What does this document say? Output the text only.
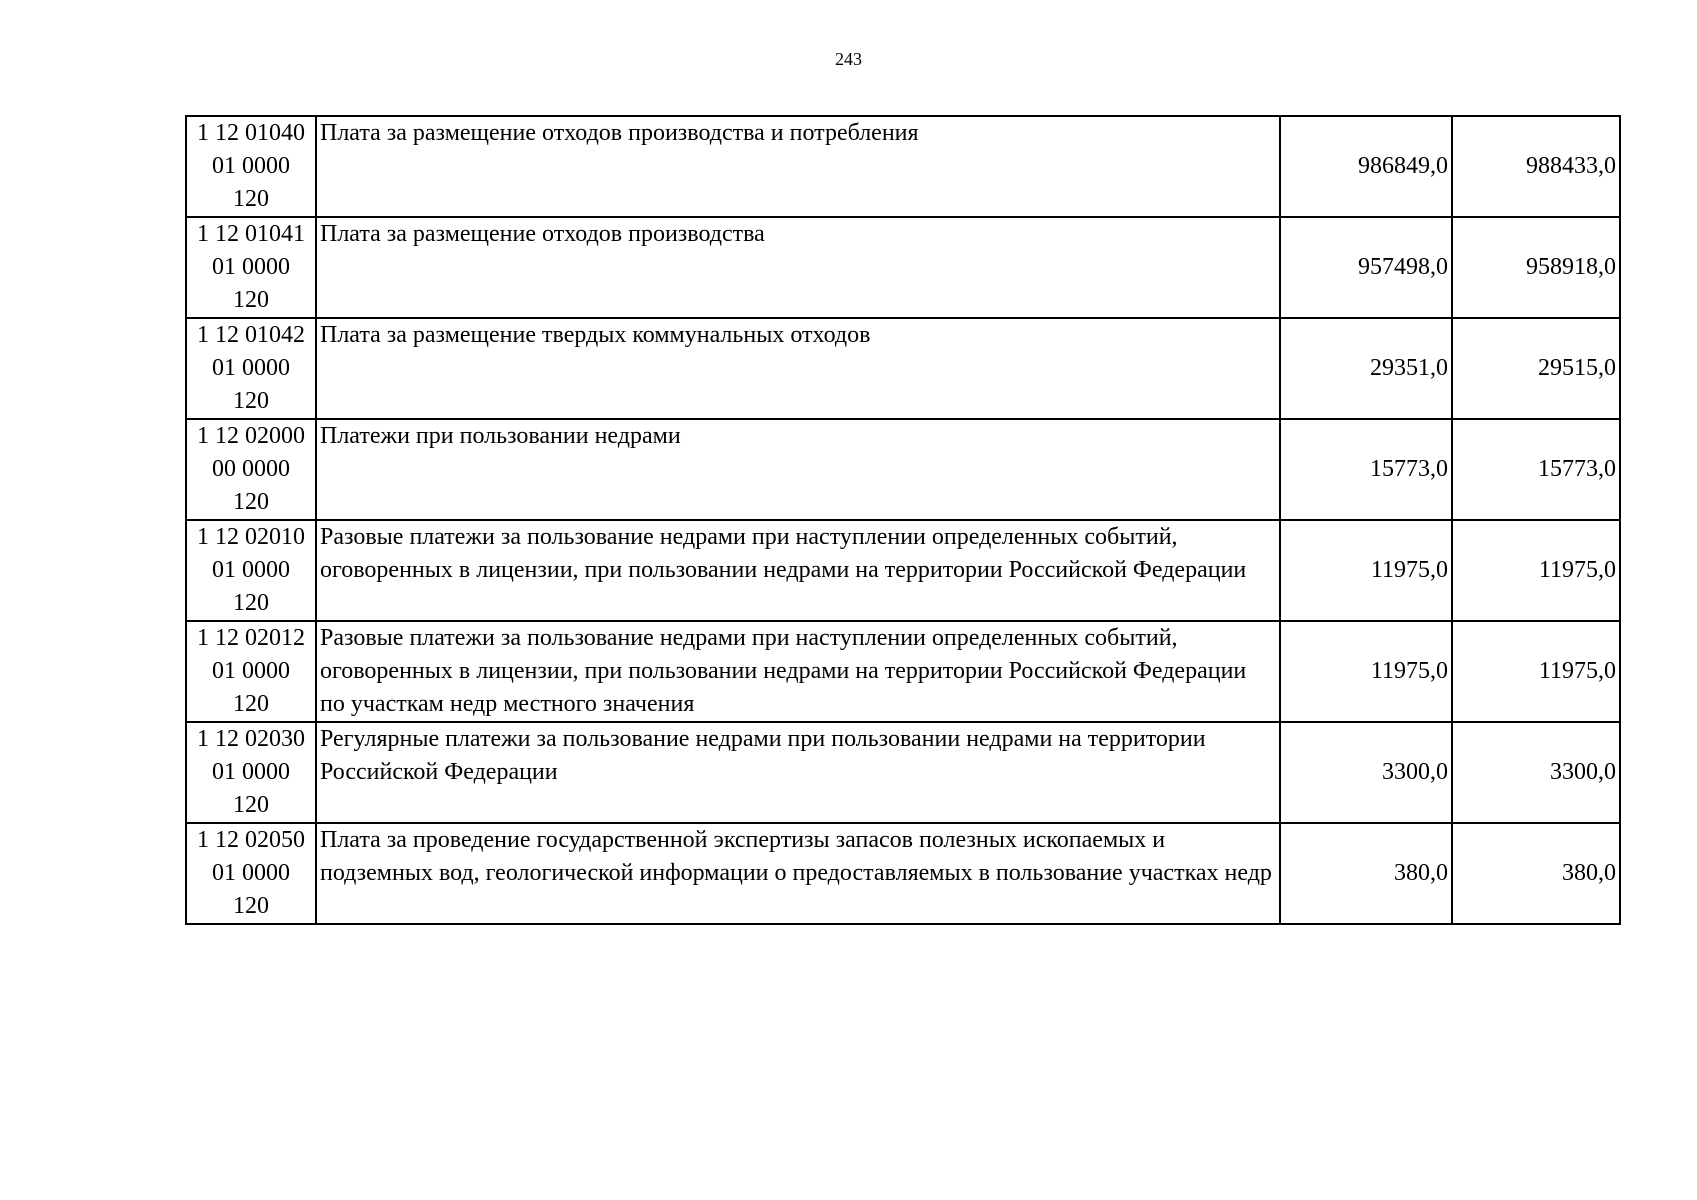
243
1 12 01040
01 0000
120	Плата за размещение отходов производства и потребления	986849,0	988433,0
1 12 01041
01 0000
120	Плата за размещение отходов производства	957498,0	958918,0
1 12 01042
01 0000
120	Плата за размещение твердых коммунальных отходов	29351,0	29515,0
1 12 02000
00 0000
120	Платежи при пользовании недрами	15773,0	15773,0
1 12 02010
01 0000
120	Разовые платежи за пользование недрами при наступлении определенных событий, оговоренных в лицензии, при пользовании недрами на территории Российской Федерации	11975,0	11975,0
1 12 02012
01 0000
120	Разовые платежи за пользование недрами при наступлении определенных событий, оговоренных в лицензии, при пользовании недрами на территории Российской Федерации по участкам недр местного значения	11975,0	11975,0
1 12 02030
01 0000
120	Регулярные платежи за пользование недрами при пользовании недрами на территории Российской Федерации	3300,0	3300,0
1 12 02050
01 0000
120	Плата за проведение государственной экспертизы запасов полезных ископаемых и подземных вод, геологической информации о предоставляемых в пользование участках недр	380,0	380,0
